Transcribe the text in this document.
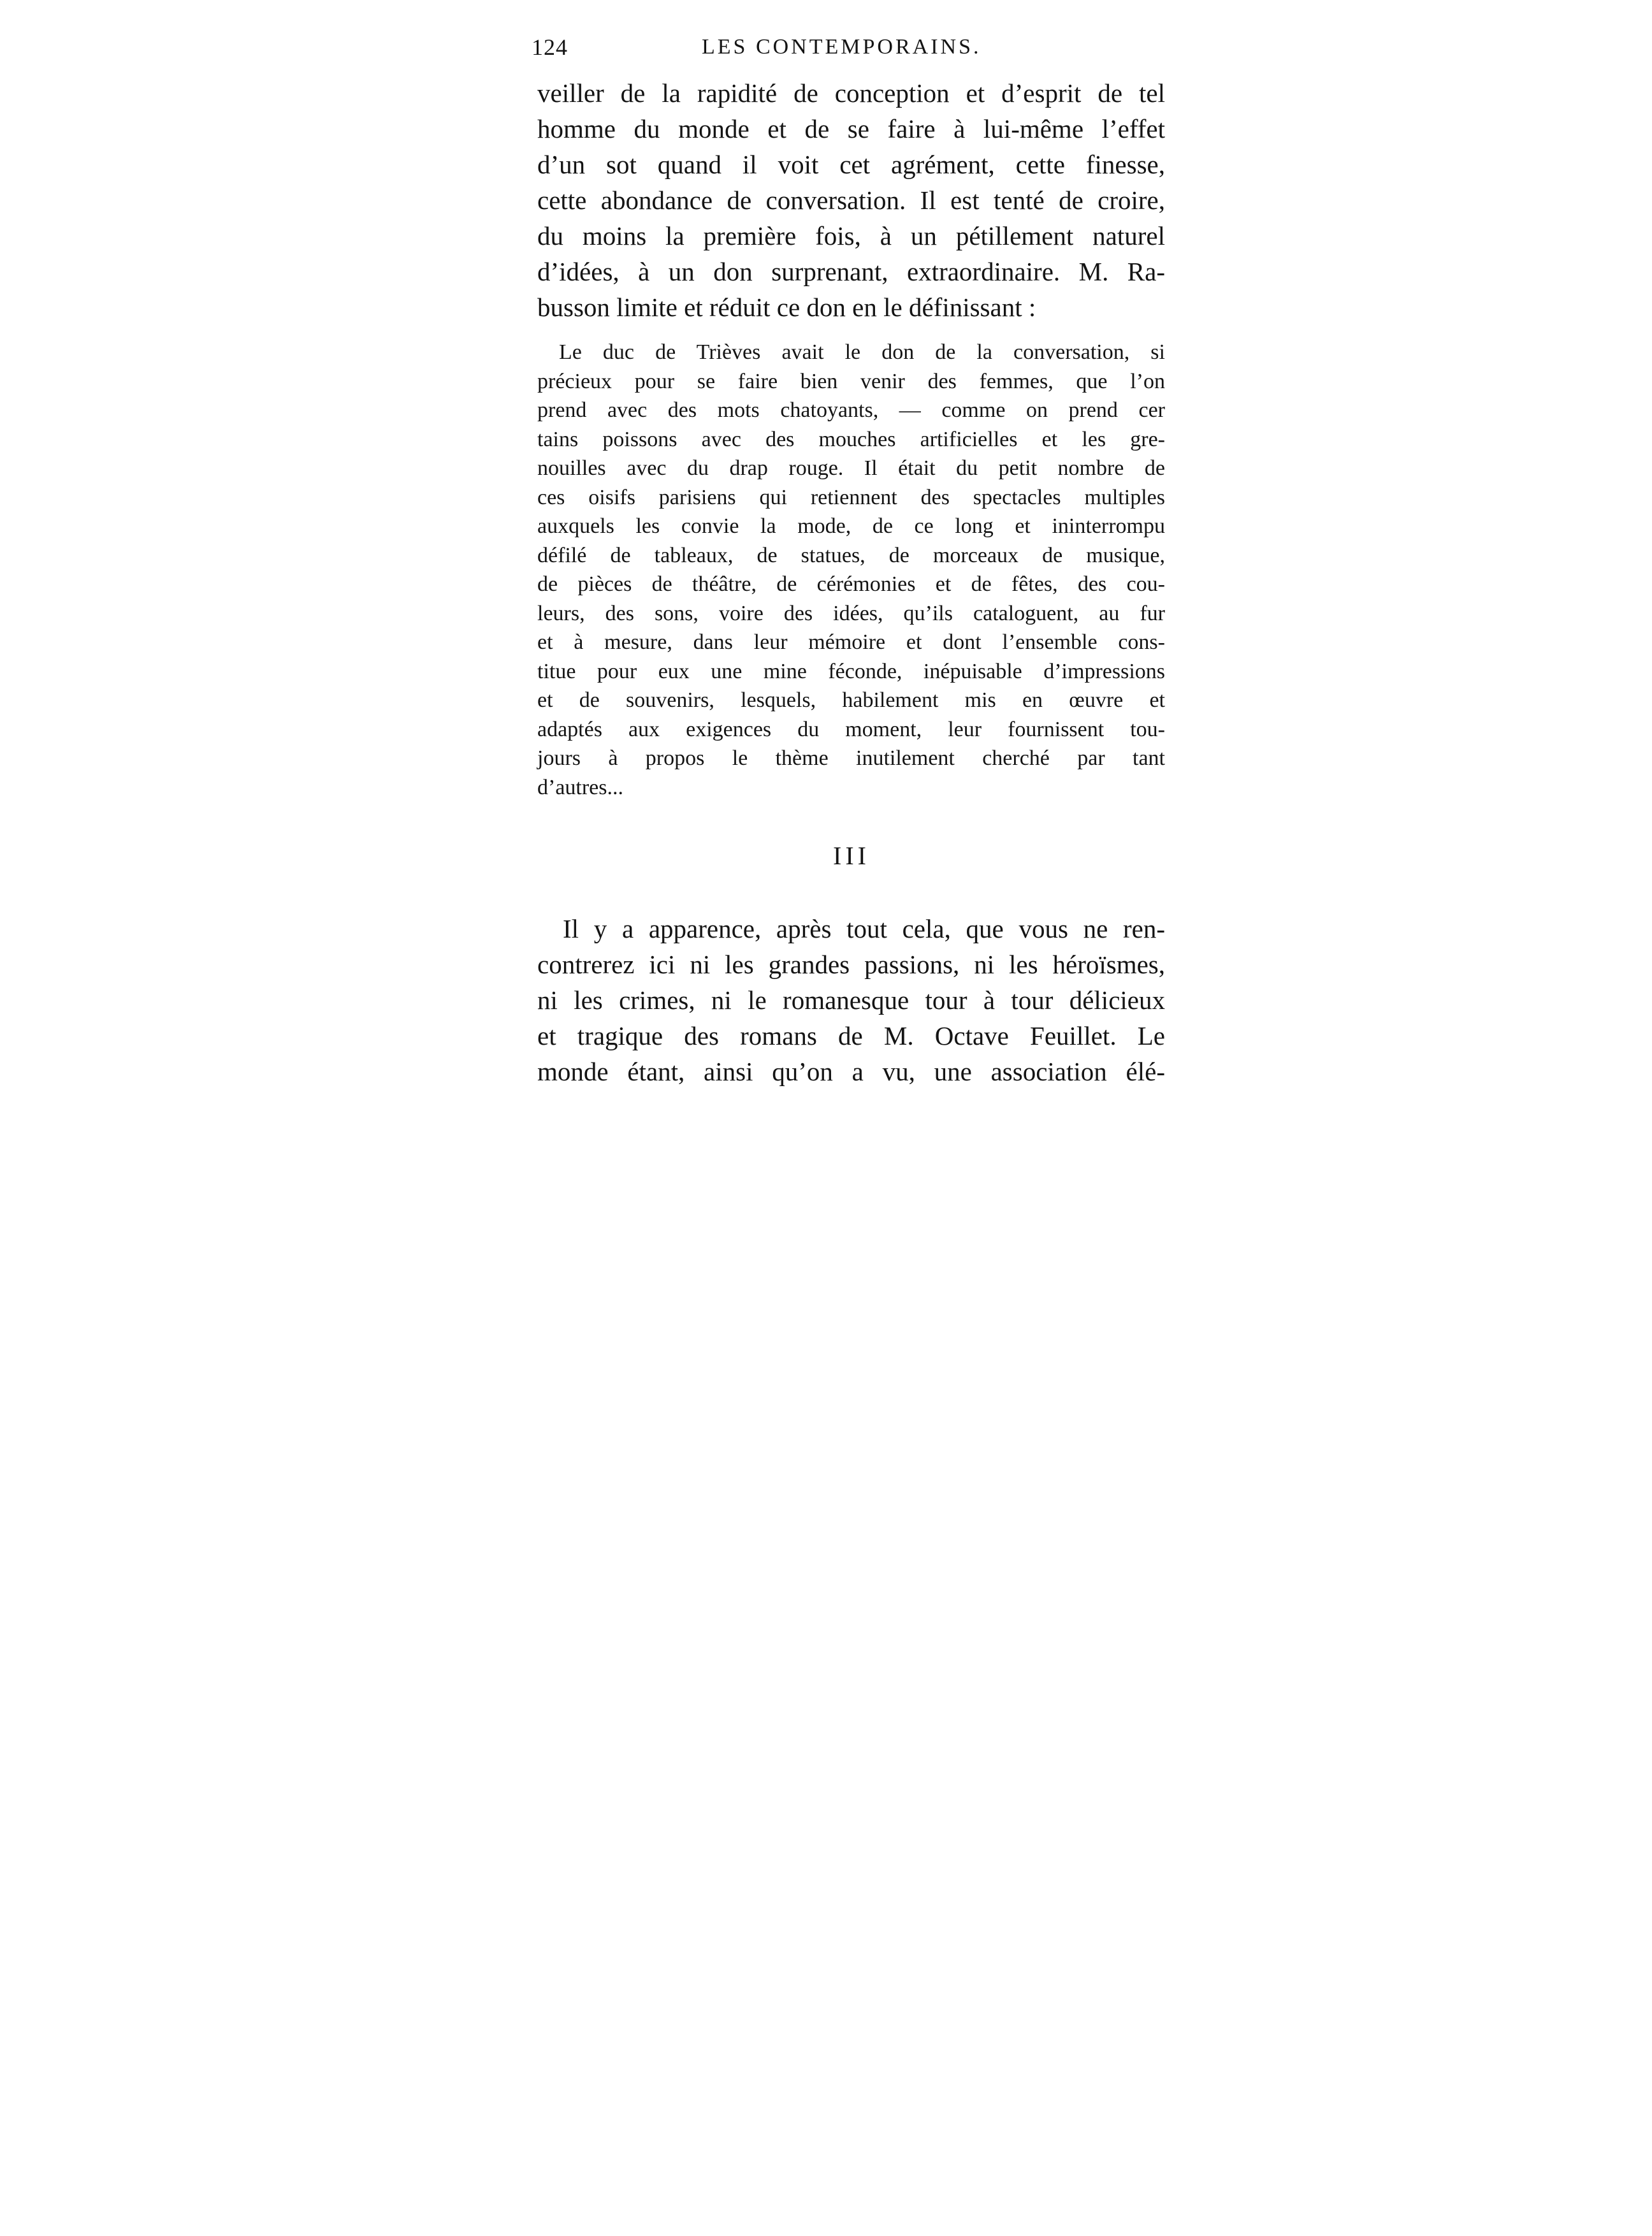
124	LES CONTEMPORAINS.
veiller de la rapidité de conception et d’esprit de tel
homme du monde et de se faire à lui-même l’effet
d’un sot quand il voit cet agrément, cette finesse,
cette abondance de conversation. Il est tenté de croire,
du moins la première fois, à un pétillement naturel
d’idées, à un don surprenant, extraordinaire. M. Ra-
busson limite et réduit ce don en le définissant :
Le duc de Trièves avait le don de la conversation, si
précieux pour se faire bien venir des femmes, que l’on
prend avec des mots chatoyants, — comme on prend cer
tains poissons avec des mouches artificielles et les gre-
nouilles avec du drap rouge. Il était du petit nombre de
ces oisifs parisiens qui retiennent des spectacles multiples
auxquels les convie la mode, de ce long et ininterrompu
défilé de tableaux, de statues, de morceaux de musique,
de pièces de théâtre, de cérémonies et de fêtes, des cou-
leurs, des sons, voire des idées, qu’ils cataloguent, au fur
et à mesure, dans leur mémoire et dont l’ensemble cons-
titue pour eux une mine féconde, inépuisable d’impressions
et de souvenirs, lesquels, habilement mis en œuvre et
adaptés aux exigences du moment, leur fournissent tou-
jours à propos le thème inutilement cherché par tant
d’autres...
III
Il y a apparence, après tout cela, que vous ne ren-
contrerez ici ni les grandes passions, ni les héroïsmes,
ni les crimes, ni le romanesque tour à tour délicieux
et tragique des romans de M. Octave Feuillet. Le
monde étant, ainsi qu’on a vu, une association élé-
